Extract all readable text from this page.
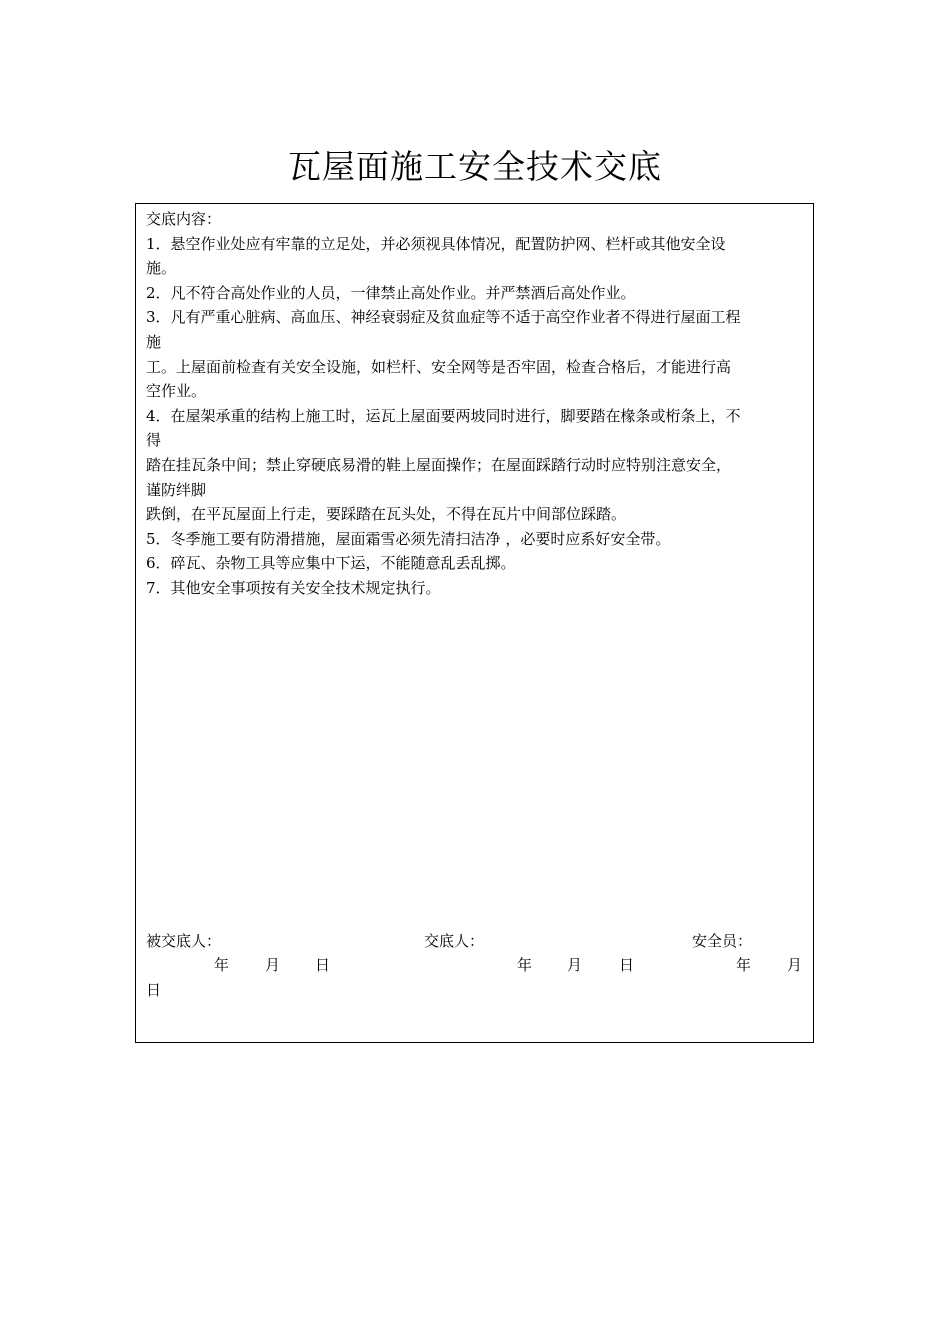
瓦屋面施工安全技术交底
交底内容：
1．悬空作业处应有牢靠的立足处，并必须视具体情况，配置防护网、栏杆或其他安全设
施。
2．凡不符合高处作业的人员，一律禁止高处作业。并严禁酒后高处作业。
3．凡有严重心脏病、高血压、神经衰弱症及贫血症等不适于高空作业者不得进行屋面工程
施
工。上屋面前检查有关安全设施，如栏杆、安全网等是否牢固，检查合格后，才能进行高
空作业。
4．在屋架承重的结构上施工时，运瓦上屋面要两坡同时进行，脚要踏在椽条或桁条上，不
得
踏在挂瓦条中间；禁止穿硬底易滑的鞋上屋面操作；在屋面踩踏行动时应特别注意安全，
谨防绊脚
跌倒，在平瓦屋面上行走，要踩踏在瓦头处，不得在瓦片中间部位踩踏。
5．冬季施工要有防滑措施，屋面霜雪必须先清扫洁净 ，必要时应系好安全带。
6．碎瓦、杂物工具等应集中下运，不能随意乱丢乱掷。
7．其他安全事项按有关安全技术规定执行。
被交底人：	交底人：	安全员：
年 月 日	年 月 日	年 月
日
